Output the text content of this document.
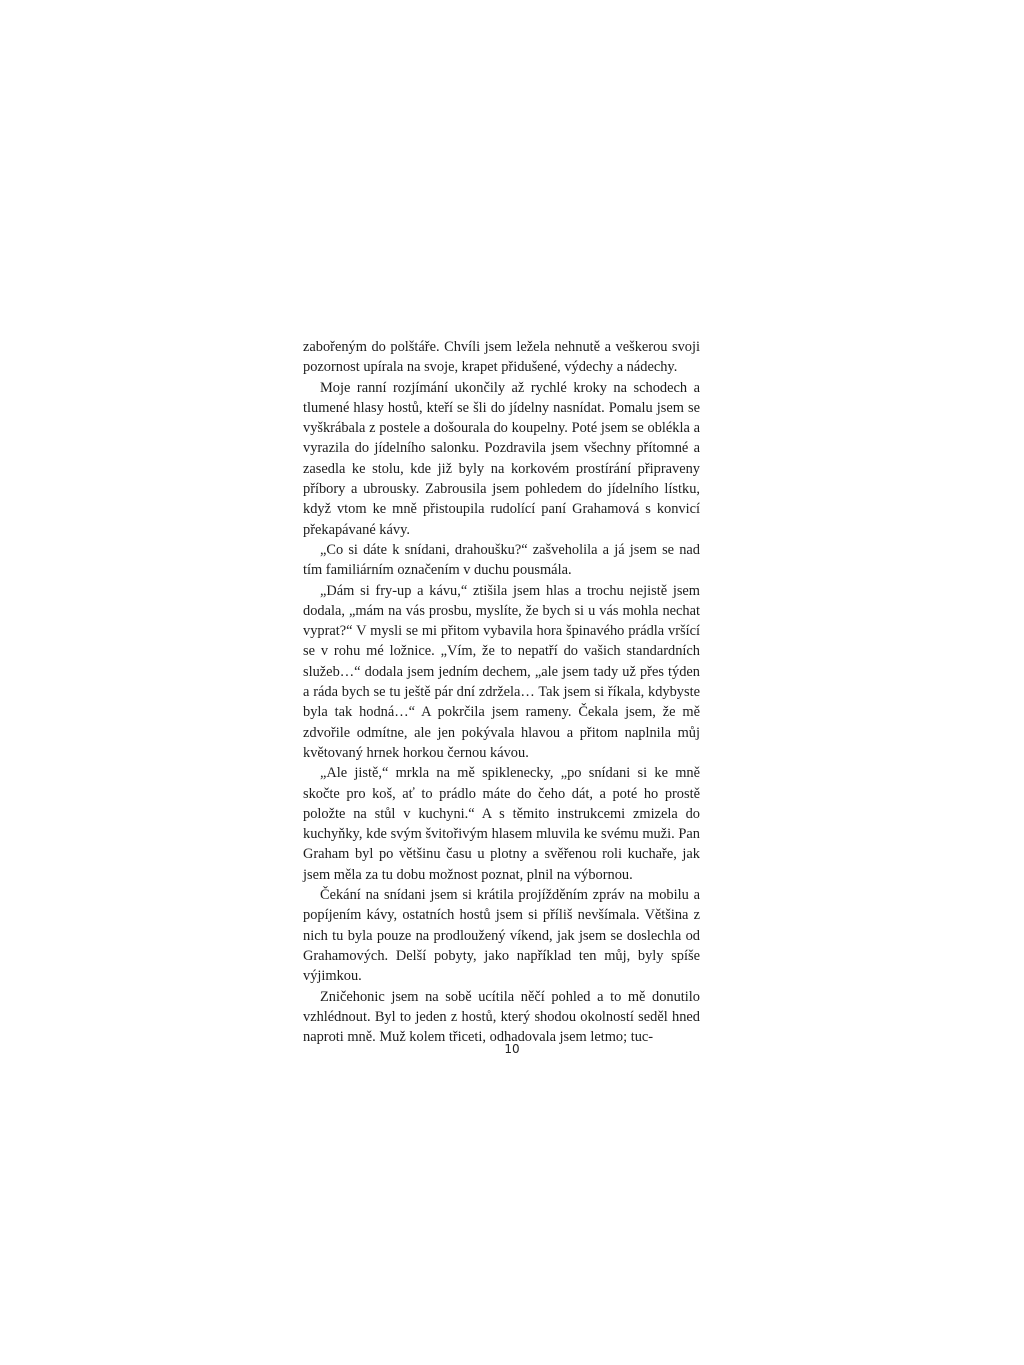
zabořeným do polštáře. Chvíli jsem ležela nehnutě a veškerou svoji pozornost upírala na svoje, krapet přidušené, výdechy a nádechy.

Moje ranní rozjímání ukončily až rychlé kroky na schodech a tlumené hlasy hostů, kteří se šli do jídelny nasnídat. Pomalu jsem se vyškrábala z postele a došourala do koupelny. Poté jsem se oblékla a vyrazila do jídelního salonku. Pozdravila jsem všechny přítomné a zasedla ke stolu, kde již byly na korkovém prostírání připraveny příbory a ubrousky. Zabrousila jsem pohledem do jídelního lístku, když vtom ke mně přistoupila rudolící paní Grahamová s konvicí překapávané kávy.

„Co si dáte k snídani, drahoušku?“ zašveholila a já jsem se nad tím familiárním označením v duchu pousmála.

„Dám si fry-up a kávu,“ ztišila jsem hlas a trochu nejistě jsem dodala, „mám na vás prosbu, myslíte, že bych si u vás mohla nechat vyprat?“ V mysli se mi přitom vybavila hora špinavého prádla vršící se v rohu mé ložnice. „Vím, že to nepatří do vašich standardních služeb…“ dodala jsem jedním dechem, „ale jsem tady už přes týden a ráda bych se tu ještě pár dní zdržela… Tak jsem si říkala, kdybyste byla tak hodná…“ A pokrčila jsem rameny. Čekala jsem, že mě zdvořile odmítne, ale jen pokývala hlavou a přitom naplnila můj květovaný hrnek horkou černou kávou.

„Ale jistě,“ mrkla na mě spiklenecky, „po snídani si ke mně skočte pro koš, ať to prádlo máte do čeho dát, a poté ho prostě položte na stůl v kuchyni.“ A s těmito instrukcemi zmizela do kuchyňky, kde svým švitořivým hlasem mluvila ke svému muži. Pan Graham byl po většinu času u plotny a svěřenou roli kuchaře, jak jsem měla za tu dobu možnost poznat, plnil na výbornou.

Čekání na snídani jsem si krátila projížděním zpráv na mobilu a popíjením kávy, ostatních hostů jsem si příliš nevšímala. Většina z nich tu byla pouze na prodloužený víkend, jak jsem se doslechla od Grahamových. Delší pobyty, jako například ten můj, byly spíše výjimkou.

Zničehonic jsem na sobě ucítila něčí pohled a to mě donutilo vzhlédnout. Byl to jeden z hostů, který shodou okolností seděl hned naproti mně. Muž kolem třiceti, odhadovala jsem letmo; tuc-

10
